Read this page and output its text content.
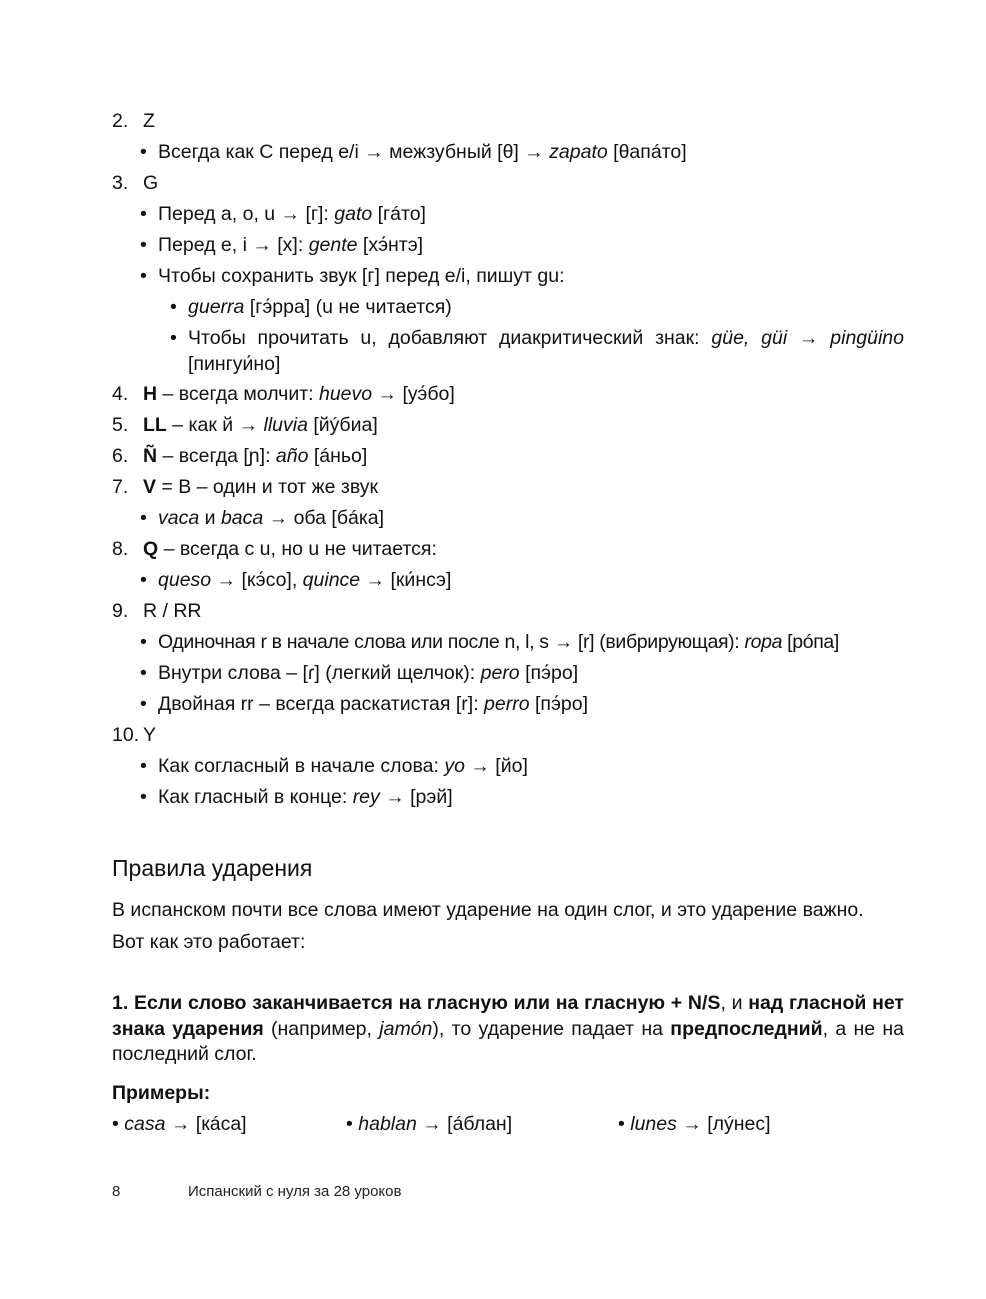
2. Z
• Всегда как С перед e/i → межзубный [θ] → zapato [θапáто]
3. G
• Перед a, o, u → [г]: gato [гáто]
• Перед e, i → [х]: gente [хэ́нтэ]
• Чтобы сохранить звук [г] перед e/i, пишут gu:
• guerra [гэ́рра] (u не читается)
• Чтобы прочитать u, добавляют диакритический знак: güe, güi → pingüino [пингуи́но]
4. H – всегда молчит: huevo → [уэ́бо]
5. LL – как й → lluvia [йýбиа]
6. Ñ – всегда [ɲ]: año [áньо]
7. V = B – один и тот же звук
• vaca и baca → оба [бáка]
8. Q – всегда с u, но u не читается:
• queso → [кэ́со], quince → [ки́нсэ]
9. R / RR
• Одиночная r в начале слова или после n, l, s → [r] (вибрирующая): ropa [рóпа]
• Внутри слова – [ɾ] (легкий щелчок): pero [пэ́ро]
• Двойная rr – всегда раскатистая [r]: perro [пэ́ро]
10. Y
• Как согласный в начале слова: yo → [йо]
• Как гласный в конце: rey → [рэй]
Правила ударения

В испанском почти все слова имеют ударение на один слог, и это ударение важно.

Вот как это работает:

1. Если слово заканчивается на гласную или на гласную + N/S, и над гласной нет знака ударения (например, jamón), то ударение падает на предпоследний, а не на последний слог.

Примеры:
• casa → [кáса]	• hablan → [áблан]	• lunes → [лýнес]
8	Испанский с нуля за 28 уроков
